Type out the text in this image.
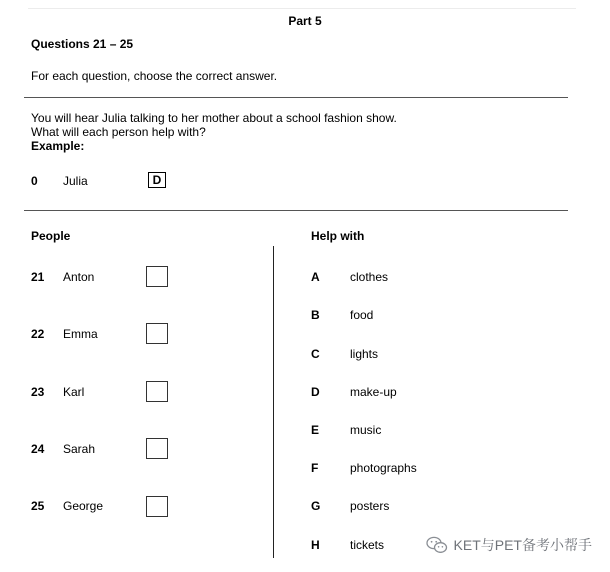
Part 5
Questions 21 – 25
For each question, choose the correct answer.
You will hear Julia talking to her mother about a school fashion show.
What will each person help with?
Example:
0 Julia	D
People	Help with
21 Anton
22 Emma
23 Karl
24 Sarah
25 George
A	clothes
B	food
C	lights
D	make-up
E	music
F	photographs
G posters
H	tickets	KET与PET备考小帮手
